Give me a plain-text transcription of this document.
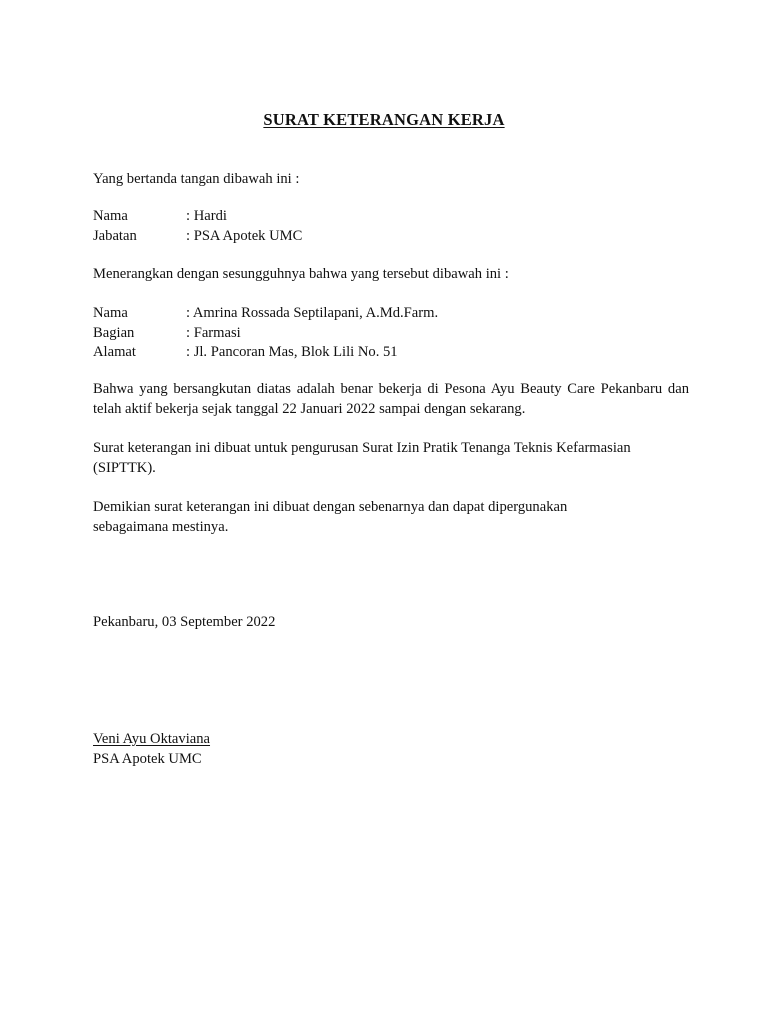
SURAT KETERANGAN KERJA
Yang bertanda tangan dibawah ini :
Nama	: Hardi
Jabatan	: PSA Apotek UMC
Menerangkan dengan sesungguhnya bahwa yang tersebut dibawah ini :
Nama	: Amrina Rossada Septilapani, A.Md.Farm.
Bagian	: Farmasi
Alamat	: Jl. Pancoran Mas, Blok Lili No. 51
Bahwa yang bersangkutan diatas adalah benar bekerja di Pesona Ayu Beauty Care Pekanbaru dan telah aktif bekerja sejak tanggal 22 Januari 2022 sampai dengan sekarang.
Surat keterangan ini dibuat untuk pengurusan Surat Izin Pratik Tenanga Teknis Kefarmasian (SIPTTK).
Demikian surat keterangan ini dibuat dengan sebenarnya dan dapat dipergunakan
sebagaimana mestinya.
Pekanbaru, 03 September 2022
Veni Ayu Oktaviana
PSA Apotek UMC
